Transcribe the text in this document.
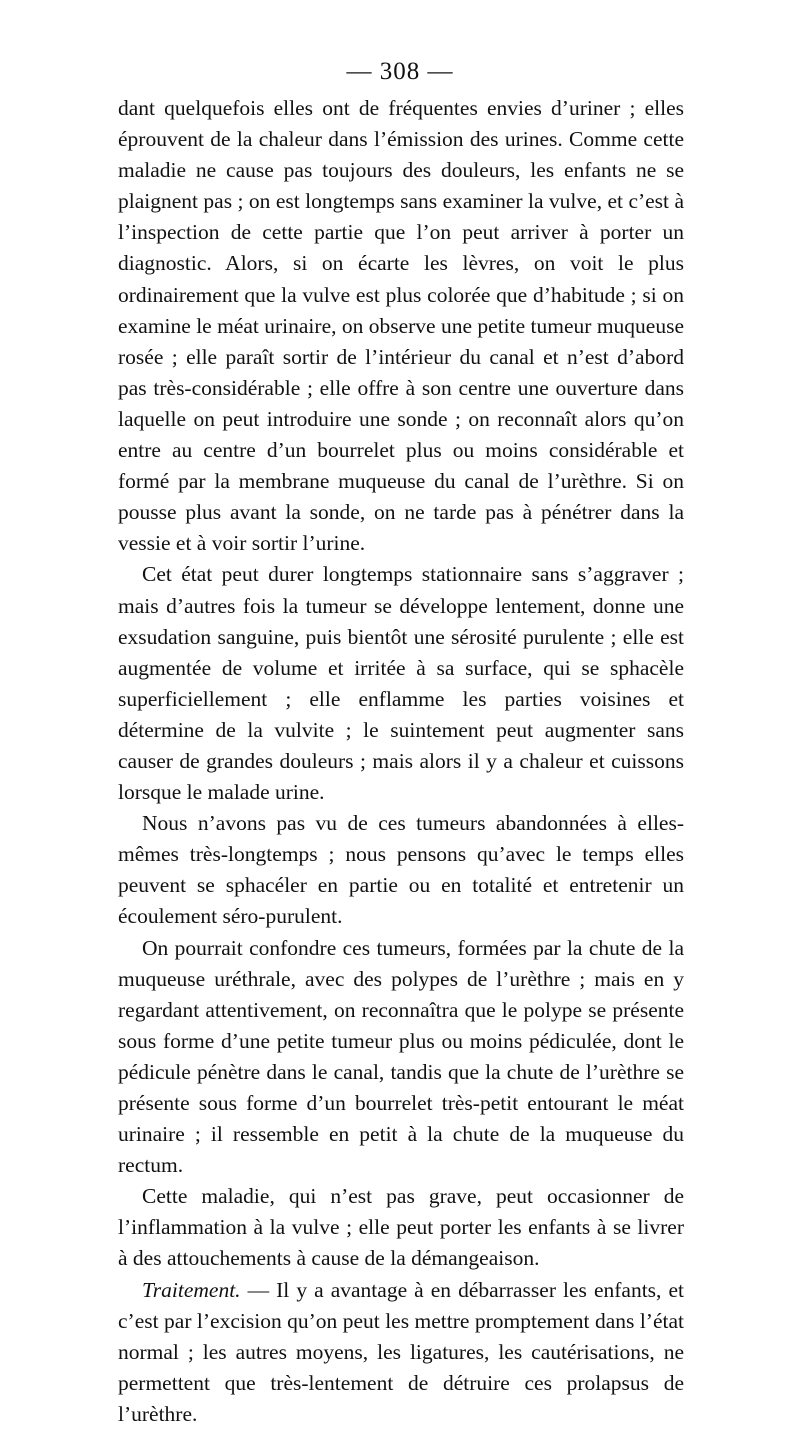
— 308 —

dant quelquefois elles ont de fréquentes envies d’uriner ; elles éprouvent de la chaleur dans l’émission des urines. Comme cette maladie ne cause pas toujours des douleurs, les enfants ne se plaignent pas ; on est longtemps sans examiner la vulve, et c’est à l’inspection de cette partie que l’on peut arriver à porter un diagnostic. Alors, si on écarte les lèvres, on voit le plus ordinairement que la vulve est plus colorée que d’habitude ; si on examine le méat urinaire, on observe une petite tumeur muqueuse rosée ; elle paraît sortir de l’intérieur du canal et n’est d’abord pas très-considérable ; elle offre à son centre une ouverture dans laquelle on peut introduire une sonde ; on reconnaît alors qu’on entre au centre d’un bourrelet plus ou moins considérable et formé par la membrane muqueuse du canal de l’urèthre. Si on pousse plus avant la sonde, on ne tarde pas à pénétrer dans la vessie et à voir sortir l’urine.

Cet état peut durer longtemps stationnaire sans s’aggraver ; mais d’autres fois la tumeur se développe lentement, donne une exsudation sanguine, puis bientôt une sérosité purulente ; elle est augmentée de volume et irritée à sa surface, qui se sphacèle superficiellement ; elle enflamme les parties voisines et détermine de la vulvite ; le suintement peut augmenter sans causer de grandes douleurs ; mais alors il y a chaleur et cuissons lorsque le malade urine.

Nous n’avons pas vu de ces tumeurs abandonnées à elles-mêmes très-longtemps ; nous pensons qu’avec le temps elles peuvent se sphacéler en partie ou en totalité et entretenir un écoulement séro-purulent.

On pourrait confondre ces tumeurs, formées par la chute de la muqueuse uréthrale, avec des polypes de l’urèthre ; mais en y regardant attentivement, on reconnaîtra que le polype se présente sous forme d’une petite tumeur plus ou moins pédiculée, dont le pédicule pénètre dans le canal, tandis que la chute de l’urèthre se présente sous forme d’un bourrelet très-petit entourant le méat urinaire ; il ressemble en petit à la chute de la muqueuse du rectum.

Cette maladie, qui n’est pas grave, peut occasionner de l’inflammation à la vulve ; elle peut porter les enfants à se livrer à des attouchements à cause de la démangeaison.

Traitement. — Il y a avantage à en débarrasser les enfants, et c’est par l’excision qu’on peut les mettre promptement dans l’état normal ; les autres moyens, les ligatures, les cautérisations, ne permettent que très-lentement de détruire ces prolapsus de l’urèthre.
